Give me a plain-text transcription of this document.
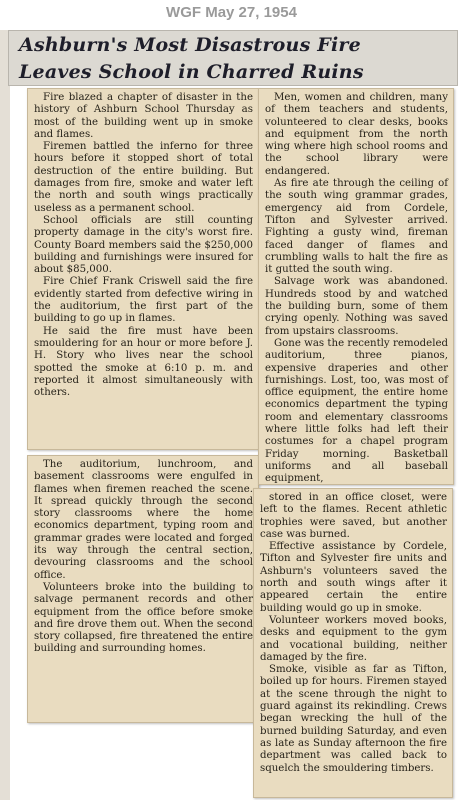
WGF May 27, 1954

Ashburn's Most Disastrous Fire

Leaves School in Charred Ruins

Fire blazed a chapter of disaster in the history of Ashburn School Thursday as most of the building went up in smoke and flames.

Firemen battled the inferno for three hours before it stopped short of total destruction of the entire building. But damages from fire, smoke and water left the north and south wings practically useless as a permanent school.

School officials are still counting property damage in the city's worst fire. County Board members said the $250,000 building and furnishings were insured for about $85,000.

Fire Chief Frank Criswell said the fire evidently started from defective wiring in the auditorium, the first part of the building to go up in flames.

He said the fire must have been smouldering for an hour or more before J. H. Story who lives near the school spotted the smoke at 6:10 p. m. and reported it almost simultaneously with others.

The auditorium, lunchroom, and basement classrooms were engulfed in flames when firemen reached the scene. It spread quickly through the second story classrooms where the home economics department, typing room and grammar grades were located and forged its way through the central section, devouring classrooms and the school office.

Volunteers broke into the building to salvage permanent records and other equipment from the office before smoke and fire drove them out. When the second story collapsed, fire threatened the entire building and surrounding homes.

Men, women and children, many of them teachers and students, volunteered to clear desks, books and equipment from the north wing where high school rooms and the school library were endangered.

As fire ate through the ceiling of the south wing grammar grades, emergency aid from Cordele, Tifton and Sylvester arrived. Fighting a gusty wind, fireman faced danger of flames and crumbling walls to halt the fire as it gutted the south wing.

Salvage work was abandoned. Hundreds stood by and watched the building burn, some of them crying openly. Nothing was saved from upstairs classrooms.

Gone was the recently remodeled auditorium, three pianos, expensive draperies and other furnishings. Lost, too, was most of office equipment, the entire home economics department the typing room and elementary classrooms where little folks had left their costumes for a chapel program Friday morning. Basketball uniforms and all baseball equipment,

stored in an office closet, were left to the flames. Recent athletic trophies were saved, but another case was burned.

Effective assistance by Cordele, Tifton and Sylvester fire units and Ashburn's volunteers saved the north and south wings after it appeared certain the entire building would go up in smoke.

Volunteer workers moved books, desks and equipment to the gym and vocational building, neither damaged by the fire.

Smoke, visible as far as Tifton, boiled up for hours. Firemen stayed at the scene through the night to guard against its rekindling. Crews began wrecking the hull of the burned building Saturday, and even as late as Sunday afternoon the fire department was called back to squelch the smouldering timbers.
